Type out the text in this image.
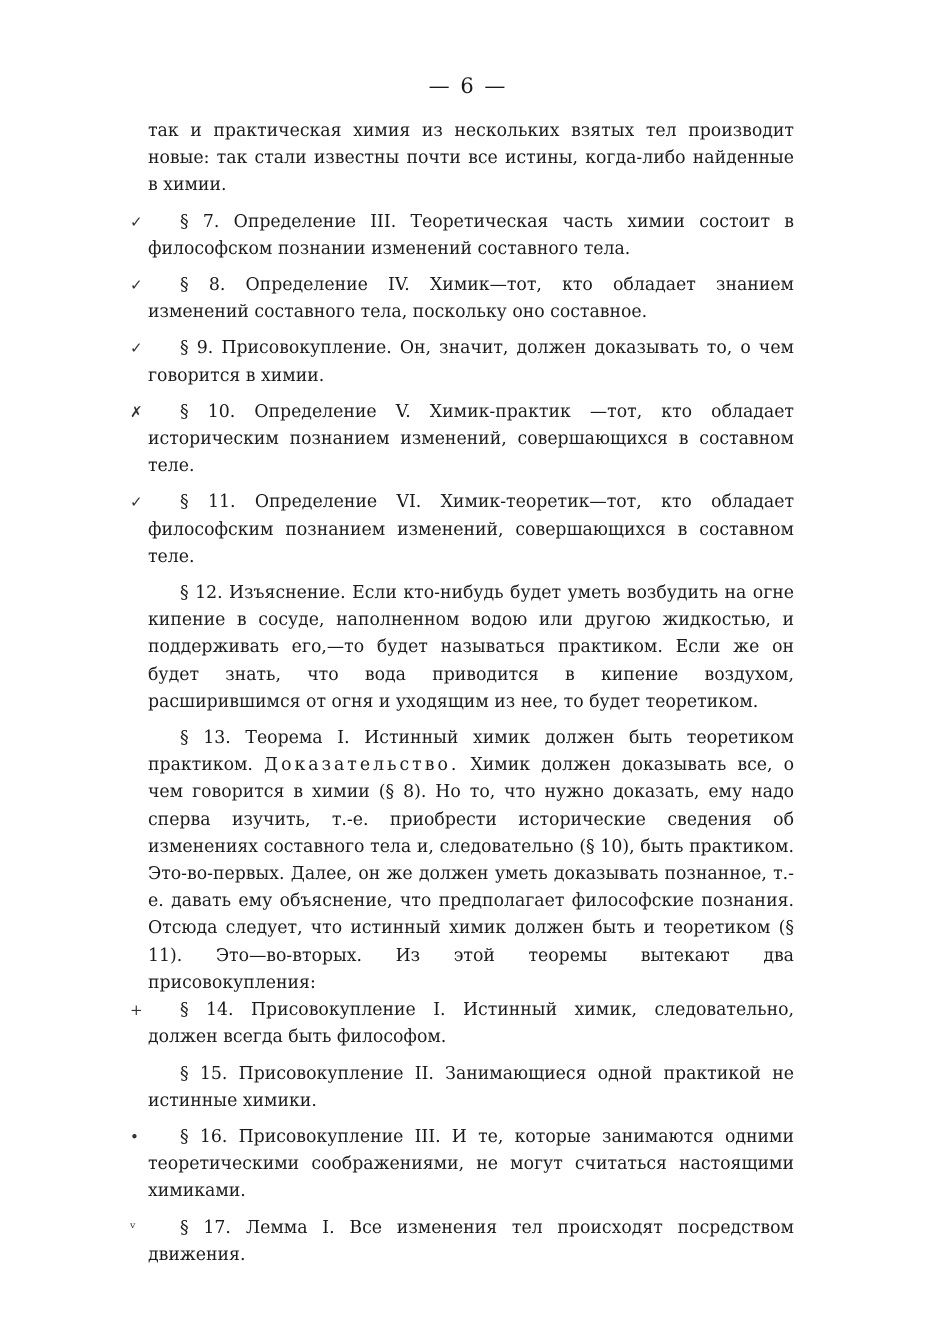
— 6 —

так и практическая химия из нескольких взятых тел производит новые: так стали известны почти все истины, когда-либо найденные в химии.

✓ § 7. Определение III. Теоретическая часть химии состоит в философском познании изменений составного тела.

✓ § 8. Определение IV. Химик—тот, кто обладает знанием изменений составного тела, поскольку оно составное.

✓ § 9. Присовокупление. Он, значит, должен доказывать то, о чем говорится в химии.

✗ § 10. Определение V. Химик-практик —тот, кто обладает историческим познанием изменений, совершающихся в составном теле.

✓ § 11. Определение VI. Химик-теоретик—тот, кто обладает философским познанием изменений, совершающихся в составном теле.

§ 12. Изъяснение. Если кто-нибудь будет уметь возбудить на огне кипение в сосуде, наполненном водою или другою жидкостью, и поддерживать его,—то будет называться практиком. Если же он будет знать, что вода приводится в кипение воздухом, расширившимся от огня и уходящим из нее, то будет теоретиком.

§ 13. Теорема I. Истинный химик должен быть теоретиком практиком. Доказательство. Химик должен доказывать все, о чем говорится в химии (§ 8). Но то, что нужно доказать, ему надо сперва изучить, т.-е. приобрести исторические сведения об изменениях составного тела и, следовательно (§ 10), быть практиком. Это-во-первых. Далее, он же должен уметь доказывать познанное, т.-е. давать ему объяснение, что предполагает философские познания. Отсюда следует, что истинный химик должен быть и теоретиком (§ 11). Это—во-вторых. Из этой теоремы вытекают два присовокупления:

+ § 14. Присовокупление I. Истинный химик, следовательно, должен всегда быть философом.

§ 15. Присовокупление II. Занимающиеся одной практикой не истинные химики.

• § 16. Присовокупление III. И те, которые занимаются одними теоретическими соображениями, не могут считаться настоящими химиками.

ᵛ	§ 17. Лемма I. Все изменения тел происходят посредством движения.
